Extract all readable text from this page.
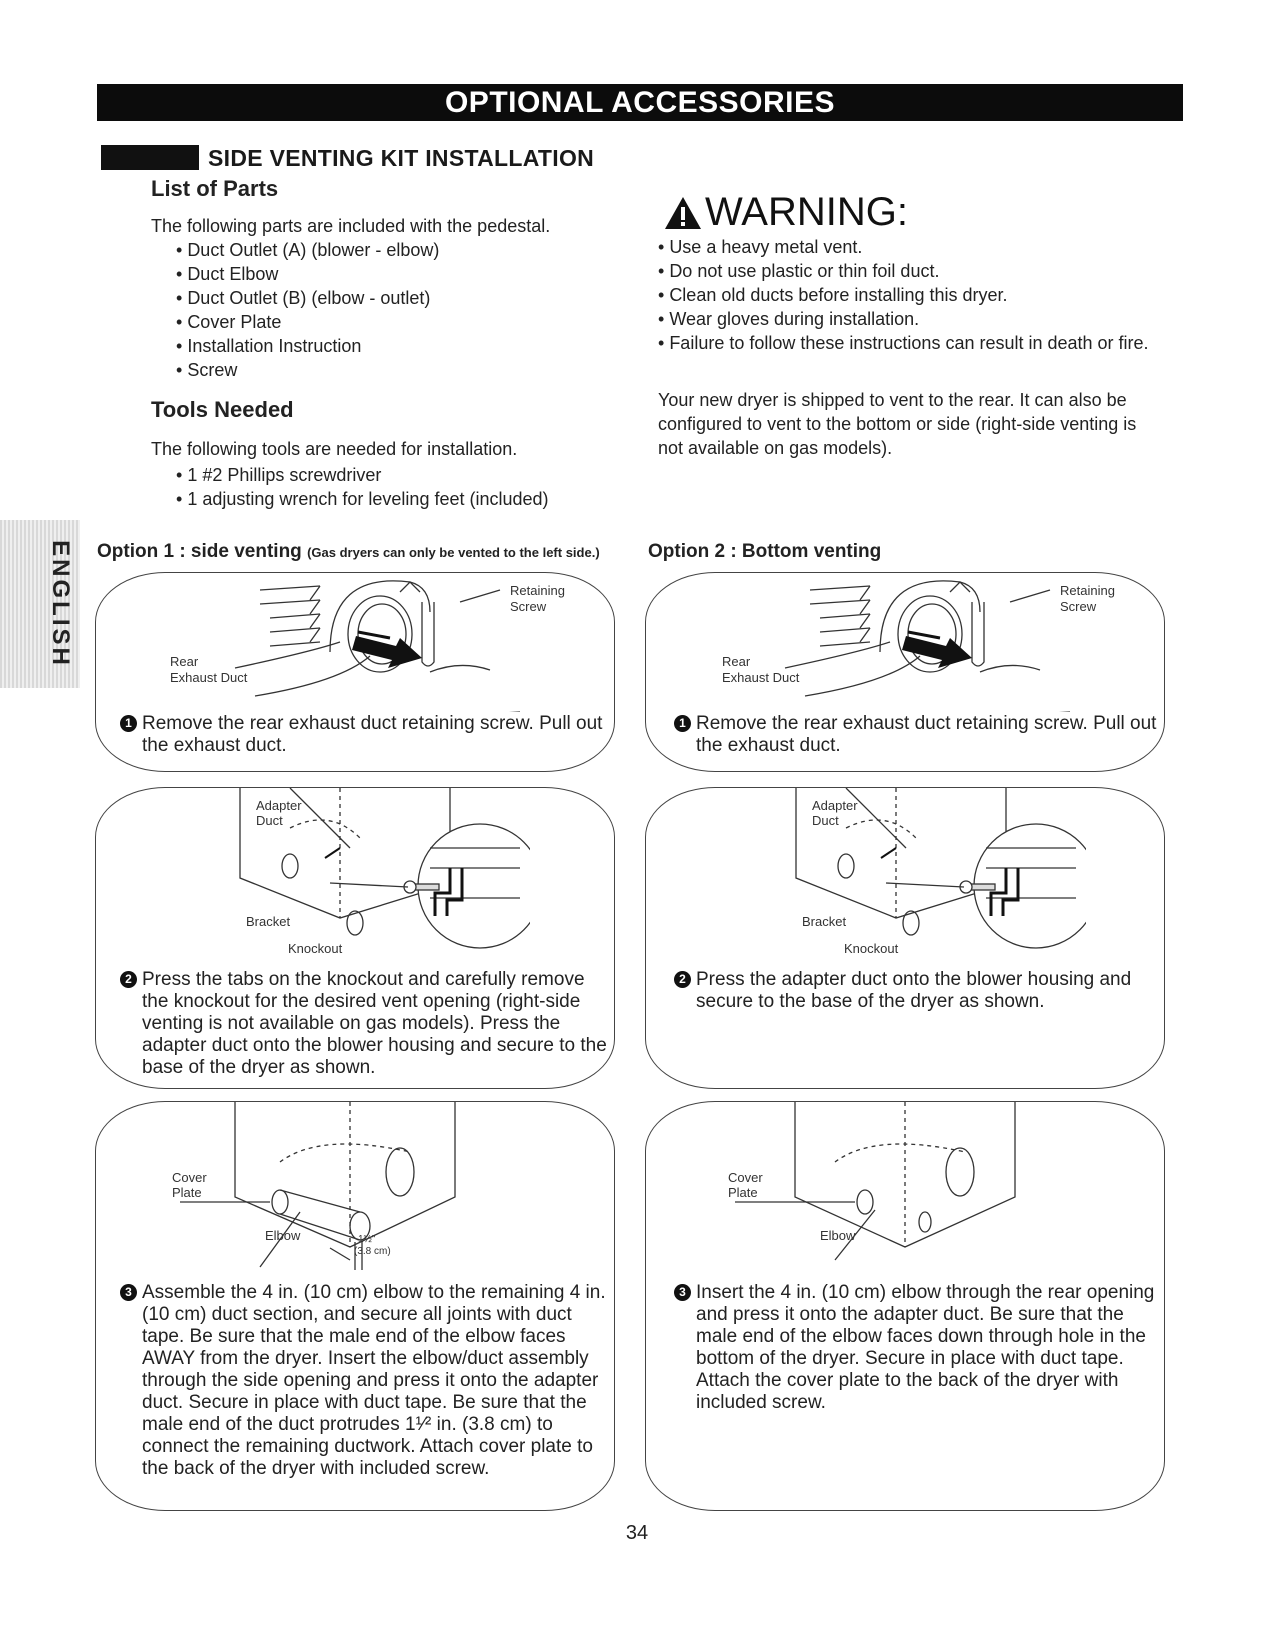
OPTIONAL ACCESSORIES
SIDE VENTING KIT INSTALLATION
List of Parts
The following parts are included with the pedestal.
• Duct Outlet (A) (blower - elbow)
• Duct Elbow
• Duct Outlet (B) (elbow - outlet)
• Cover Plate
• Installation Instruction
• Screw
Tools Needed
The following tools are needed for installation.
• 1 #2 Phillips screwdriver
• 1 adjusting wrench for leveling feet (included)
WARNING:
• Use a heavy metal vent.
• Do not use plastic or thin foil duct.
• Clean old ducts before installing this dryer.
• Wear gloves during installation.
• Failure to follow these instructions can result in death or fire.
Your new dryer is shipped to vent to the rear. It can also be configured to vent to the bottom or side (right-side venting is not available on gas models).
ENGLISH Option 1 : side venting (Gas dryers can only be vented to the left side.)	Option 2 : Bottom venting
Retaining
Screw
Rear
Exhaust Duct
1 Remove the rear exhaust duct retaining screw. Pull out the exhaust duct.
Adapter
Duct
Bracket
Knockout
2 Press the tabs on the knockout and carefully remove the knockout for the desired vent opening (right-side venting is not available on gas models). Press the adapter duct onto the blower housing and secure to the base of the dryer as shown.
Cover
Plate
Elbow	1½"
(3.8 cm)
3 Assemble the 4 in. (10 cm) elbow to the remaining 4 in.(10 cm) duct section, and secure all joints with duct tape. Be sure that the male end of the elbow faces AWAY from the dryer. Insert the elbow/duct assembly through the side opening and press it onto the adapter duct. Secure in place with duct tape. Be sure that the male end of the duct protrudes 1¹⁄² in. (3.8 cm) to connect the remaining ductwork. Attach cover plate to the back of the dryer with included screw.
Retaining
Screw
Rear
Exhaust Duct
1 Remove the rear exhaust duct retaining screw. Pull out the exhaust duct.
Adapter
Duct
Bracket
Knockout
2 Press the adapter duct onto the blower housing and secure to the base of the dryer as shown.
Cover
Plate
Elbow
3 Insert the 4 in. (10 cm) elbow through the rear opening and press it onto the adapter duct. Be sure that the male end of the elbow faces down through hole in the bottom of the dryer. Secure in place with duct tape. Attach the cover plate to the back of the dryer with included screw.
34
